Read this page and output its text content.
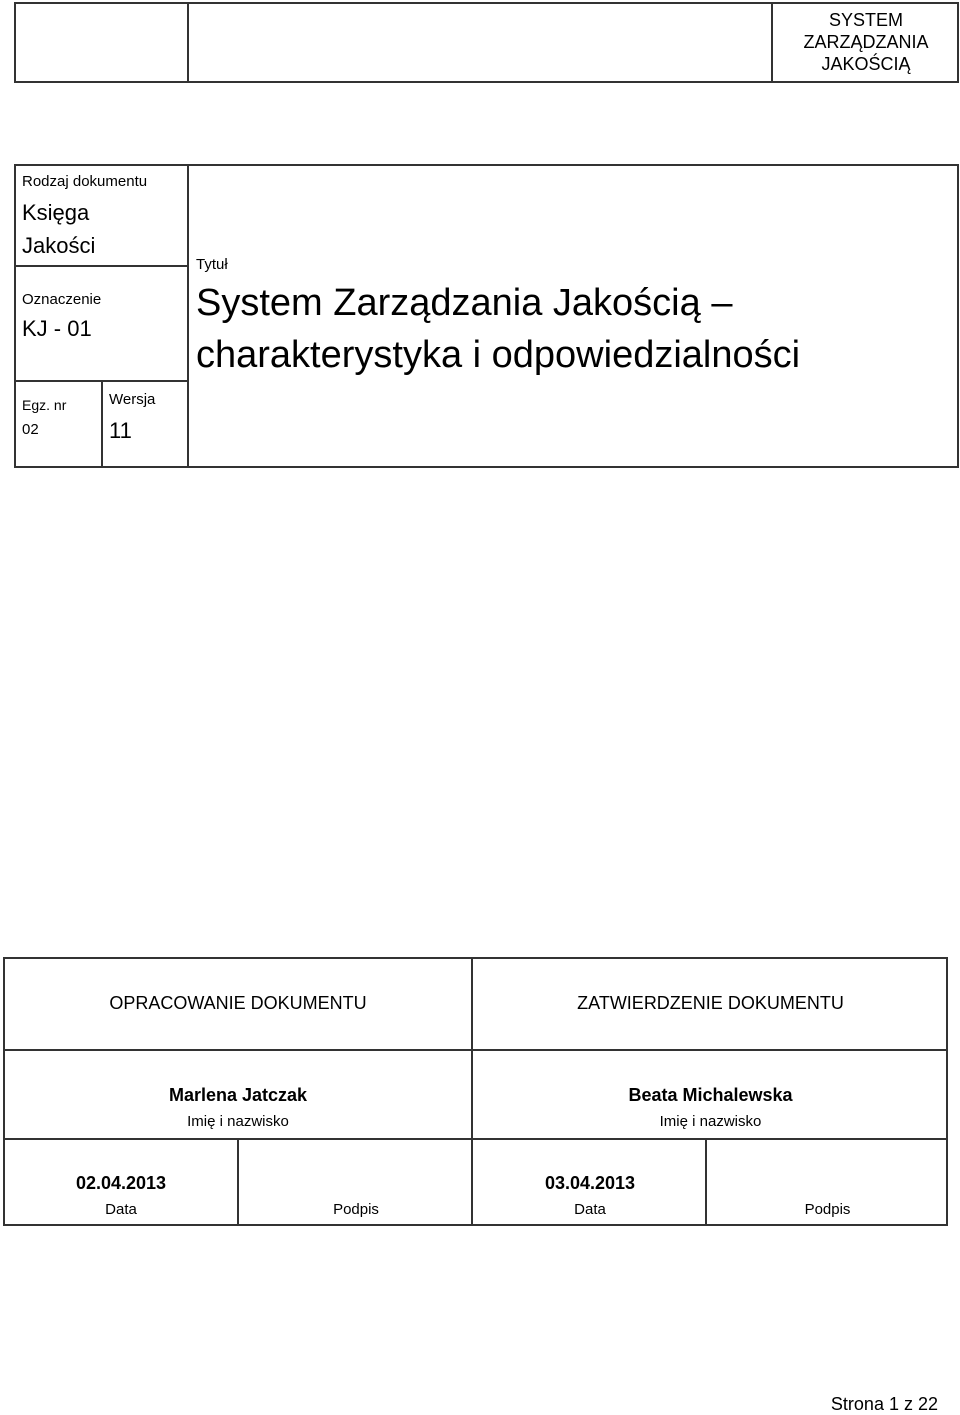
SYSTEM
ZARZĄDZANIA
JAKOŚCIĄ
Rodzaj dokumentu
Księga
Jakości
Oznaczenie
KJ - 01
Egz. nr
02
Wersja
11
Tytuł
System Zarządzania Jakością –
charakterystyka i odpowiedzialności
OPRACOWANIE DOKUMENTU	ZATWIERDZENIE DOKUMENTU
Marlena Jatczak
Imię i nazwisko
Beata Michalewska
Imię i nazwisko
02.04.2013
Data	Podpis
03.04.2013
Data	Podpis
Strona 1 z 22
